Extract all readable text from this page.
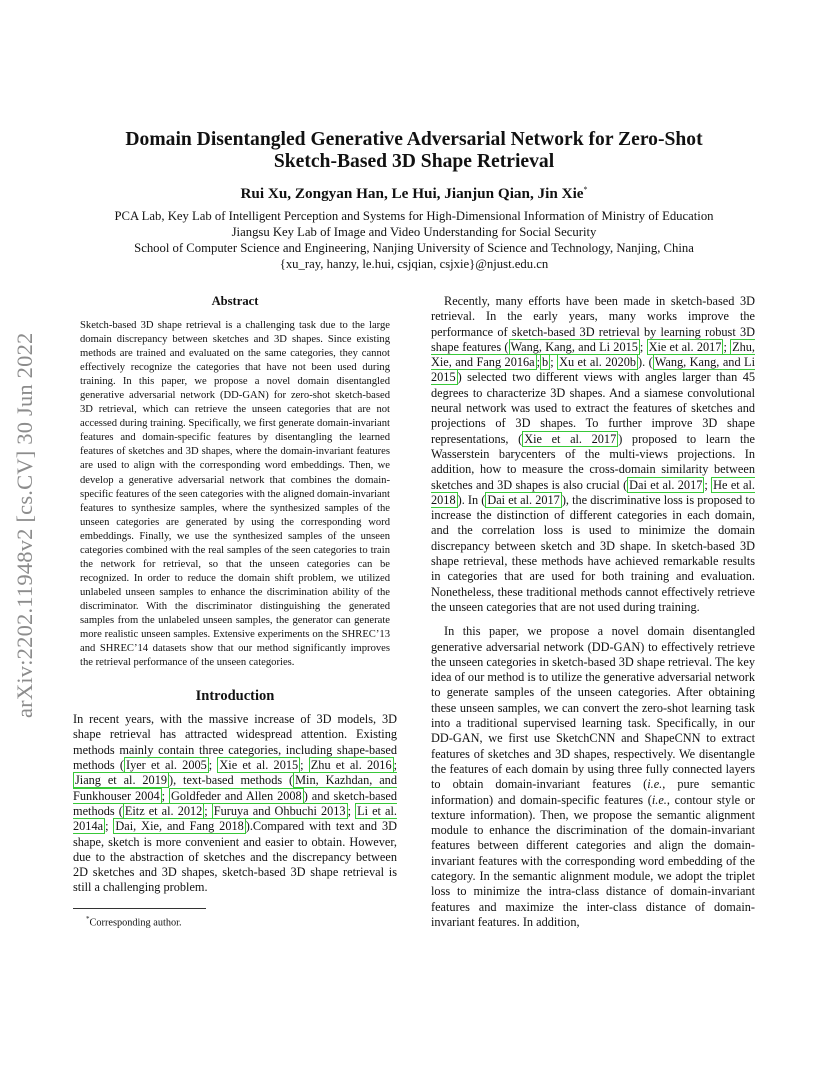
arXiv:2202.11948v2 [cs.CV] 30 Jun 2022
Domain Disentangled Generative Adversarial Network for Zero-Shot
Sketch-Based 3D Shape Retrieval
Rui Xu, Zongyan Han, Le Hui, Jianjun Qian, Jin Xie*
PCA Lab, Key Lab of Intelligent Perception and Systems for High-Dimensional Information of Ministry of Education
Jiangsu Key Lab of Image and Video Understanding for Social Security
School of Computer Science and Engineering, Nanjing University of Science and Technology, Nanjing, China
{xu_ray, hanzy, le.hui, csjqian, csjxie}@njust.edu.cn
Abstract

Sketch-based 3D shape retrieval is a challenging task due to the large domain discrepancy between sketches and 3D shapes. Since existing methods are trained and evaluated on the same categories, they cannot effectively recognize the categories that have not been used during training. In this paper, we propose a novel domain disentangled generative adversarial network (DD-GAN) for zero-shot sketch-based 3D retrieval, which can retrieve the unseen categories that are not accessed during training. Specifically, we first generate domain-invariant features and domain-specific features by disentangling the learned features of sketches and 3D shapes, where the domain-invariant features are used to align with the corresponding word embeddings. Then, we develop a generative adversarial network that combines the domain-specific features of the seen categories with the aligned domain-invariant features to synthesize samples, where the synthesized samples of the unseen categories are generated by using the corresponding word embeddings. Finally, we use the synthesized samples of the unseen categories combined with the real samples of the seen categories to train the network for retrieval, so that the unseen categories can be recognized. In order to reduce the domain shift problem, we utilized unlabeled unseen samples to enhance the discrimination ability of the discriminator. With the discriminator distinguishing the generated samples from the unlabeled unseen samples, the generator can generate more realistic unseen samples. Extensive experiments on the SHREC’13 and SHREC’14 datasets show that our method significantly improves the retrieval performance of the unseen categories.

Introduction

In recent years, with the massive increase of 3D models, 3D shape retrieval has attracted widespread attention. Existing methods mainly contain three categories, including shape-based methods ( Iyer et al. 2005 ; Xie et al. 2015 ; Zhu et al. 2016 ; Jiang et al. 2019 ), text-based methods ( Min, Kazhdan, and Funkhouser 2004 ; Goldfeder and Allen 2008 ) and sketch-based methods ( Eitz et al. 2012 ; Furuya and Ohbuchi 2013 ; Li et al. 2014a ; Dai, Xie, and Fang 2018 ).Compared with text and 3D shape, sketch is more convenient and easier to obtain. However, due to the abstraction of sketches and the discrepancy between 2D sketches and 3D shapes, sketch-based 3D shape retrieval is still a challenging problem.

*Corresponding author.

Recently, many efforts have been made in sketch-based 3D retrieval. In the early years, many works improve the performance of sketch-based 3D retrieval by learning robust 3D shape features ( Wang, Kang, and Li 2015 ; Xie et al. 2017 ; Zhu, Xie, and Fang 2016a ; b ; Xu et al. 2020b ). ( Wang, Kang, and Li 2015 ) selected two different views with angles larger than 45 degrees to characterize 3D shapes. And a siamese convolutional neural network was used to extract the features of sketches and projections of 3D shapes. To further improve 3D shape representations, ( Xie et al. 2017 ) proposed to learn the Wasserstein barycenters of the multi-views projections. In addition, how to measure the cross-domain similarity between sketches and 3D shapes is also crucial ( Dai et al. 2017 ; He et al. 2018 ). In ( Dai et al. 2017 ), the discriminative loss is proposed to increase the distinction of different categories in each domain, and the correlation loss is used to minimize the domain discrepancy between sketch and 3D shape. In sketch-based 3D shape retrieval, these methods have achieved remarkable results in categories that are used for both training and evaluation. Nonetheless, these traditional methods cannot effectively retrieve the unseen categories that are not used during training.

In this paper, we propose a novel domain disentangled generative adversarial network (DD-GAN) to effectively retrieve the unseen categories in sketch-based 3D shape retrieval. The key idea of our method is to utilize the generative adversarial network to generate samples of the unseen categories. After obtaining these unseen samples, we can convert the zero-shot learning task into a traditional supervised learning task. Specifically, in our DD-GAN, we first use SketchCNN and ShapeCNN to extract features of sketches and 3D shapes, respectively. We disentangle the features of each domain by using three fully connected layers to obtain domain-invariant features (i.e., pure semantic information) and domain-specific features (i.e., contour style or texture information). Then, we propose the semantic alignment module to enhance the discrimination of the domain-invariant features between different categories and align the domain-invariant features with the corresponding word embedding of the category. In the semantic alignment module, we adopt the triplet loss to minimize the intra-class distance of domain-invariant features and maximize the inter-class distance of domain-invariant features. In addition,
